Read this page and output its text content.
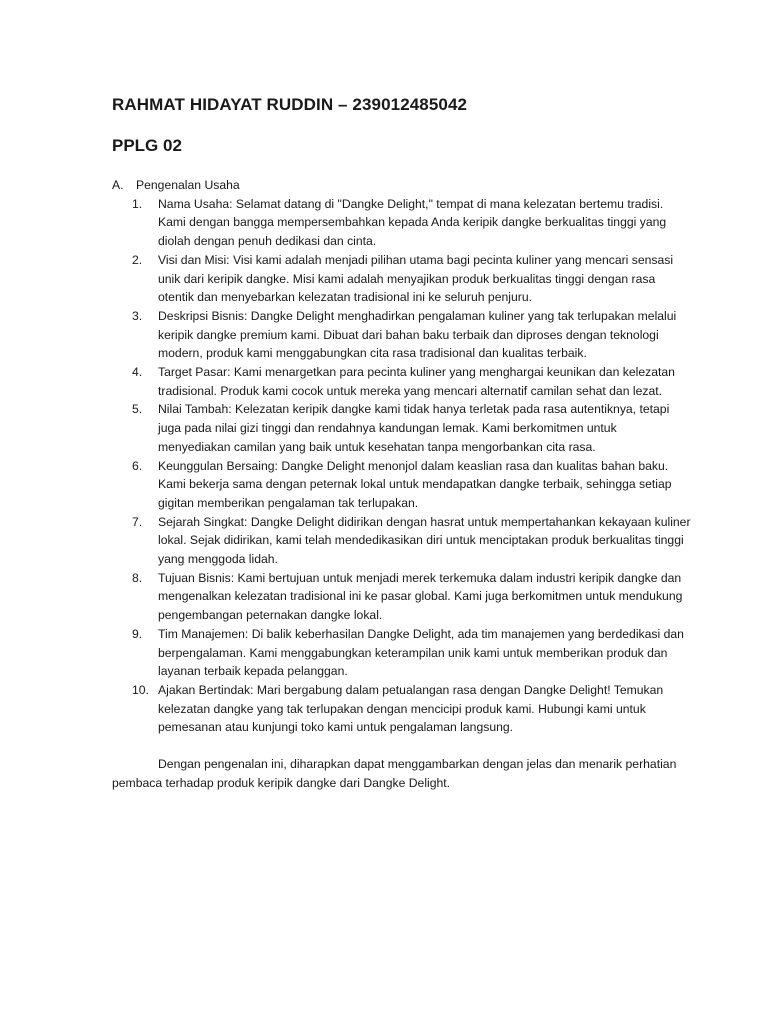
RAHMAT HIDAYAT RUDDIN – 239012485042
PPLG 02
A.	Pengenalan Usaha
1.	Nama Usaha: Selamat datang di "Dangke Delight," tempat di mana kelezatan bertemu tradisi. Kami dengan bangga mempersembahkan kepada Anda keripik dangke berkualitas tinggi yang diolah dengan penuh dedikasi dan cinta.
2.	Visi dan Misi: Visi kami adalah menjadi pilihan utama bagi pecinta kuliner yang mencari sensasi unik dari keripik dangke. Misi kami adalah menyajikan produk berkualitas tinggi dengan rasa otentik dan menyebarkan kelezatan tradisional ini ke seluruh penjuru.
3.	Deskripsi Bisnis: Dangke Delight menghadirkan pengalaman kuliner yang tak terlupakan melalui keripik dangke premium kami. Dibuat dari bahan baku terbaik dan diproses dengan teknologi modern, produk kami menggabungkan cita rasa tradisional dan kualitas terbaik.
4.	Target Pasar: Kami menargetkan para pecinta kuliner yang menghargai keunikan dan kelezatan tradisional. Produk kami cocok untuk mereka yang mencari alternatif camilan sehat dan lezat.
5.	Nilai Tambah: Kelezatan keripik dangke kami tidak hanya terletak pada rasa autentiknya, tetapi juga pada nilai gizi tinggi dan rendahnya kandungan lemak. Kami berkomitmen untuk menyediakan camilan yang baik untuk kesehatan tanpa mengorbankan cita rasa.
6.	Keunggulan Bersaing: Dangke Delight menonjol dalam keaslian rasa dan kualitas bahan baku. Kami bekerja sama dengan peternak lokal untuk mendapatkan dangke terbaik, sehingga setiap gigitan memberikan pengalaman tak terlupakan.
7.	Sejarah Singkat: Dangke Delight didirikan dengan hasrat untuk mempertahankan kekayaan kuliner lokal. Sejak didirikan, kami telah mendedikasikan diri untuk menciptakan produk berkualitas tinggi yang menggoda lidah.
8.	Tujuan Bisnis: Kami bertujuan untuk menjadi merek terkemuka dalam industri keripik dangke dan mengenalkan kelezatan tradisional ini ke pasar global. Kami juga berkomitmen untuk mendukung pengembangan peternakan dangke lokal.
9.	Tim Manajemen: Di balik keberhasilan Dangke Delight, ada tim manajemen yang berdedikasi dan berpengalaman. Kami menggabungkan keterampilan unik kami untuk memberikan produk dan layanan terbaik kepada pelanggan.
10. Ajakan Bertindak: Mari bergabung dalam petualangan rasa dengan Dangke Delight! Temukan kelezatan dangke yang tak terlupakan dengan mencicipi produk kami. Hubungi kami untuk pemesanan atau kunjungi toko kami untuk pengalaman langsung.

Dengan pengenalan ini, diharapkan dapat menggambarkan dengan jelas dan menarik perhatian pembaca terhadap produk keripik dangke dari Dangke Delight.
